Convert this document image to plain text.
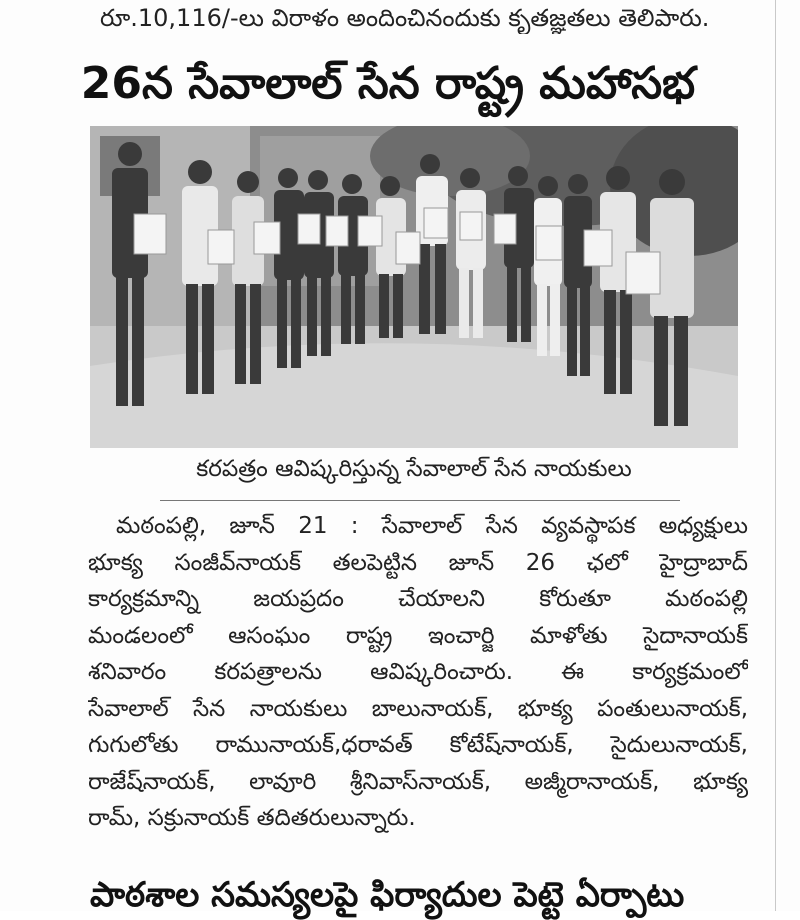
రూ.10,116/-లు విరాళం అందించినందుకు కృతజ్ఞతలు తెలిపారు.
26న సేవాలాల్ సేన రాష్ట్ర మహాసభ
కరపత్రం ఆవిష్కరిస్తున్న సేవాలాల్ సేన నాయకులు
మఠంపల్లి, జూన్ 21 : సేవాలాల్ సేన వ్యవస్థాపక అధ్యక్షులు
భూక్య సంజీవ్‌నాయక్ తలపెట్టిన జూన్ 26 ఛలో హైద్రాబాద్
కార్యక్రమాన్ని జయప్రదం చేయాలని కోరుతూ మఠంపల్లి
మండలంలో ఆసంఘం రాష్ట్ర ఇంచార్జి మాళోతు సైదానాయక్
శనివారం కరపత్రాలను ఆవిష్కరించారు. ఈ కార్యక్రమంలో
సేవాలాల్ సేన నాయకులు బాలునాయక్, భూక్య పంతులునాయక్,
గుగులోతు రామునాయక్,ధరావత్ కోటేష్‌నాయక్, సైదులునాయక్,
రాజేష్‌నాయక్, లావూరి శ్రీనివాస్‌నాయక్, అజ్మీరానాయక్, భూక్య
రామ్, సక్రునాయక్ తదితరులున్నారు.
పాఠశాల సమస్యలపై ఫిర్యాదుల పెట్టె ఏర్పాటు
